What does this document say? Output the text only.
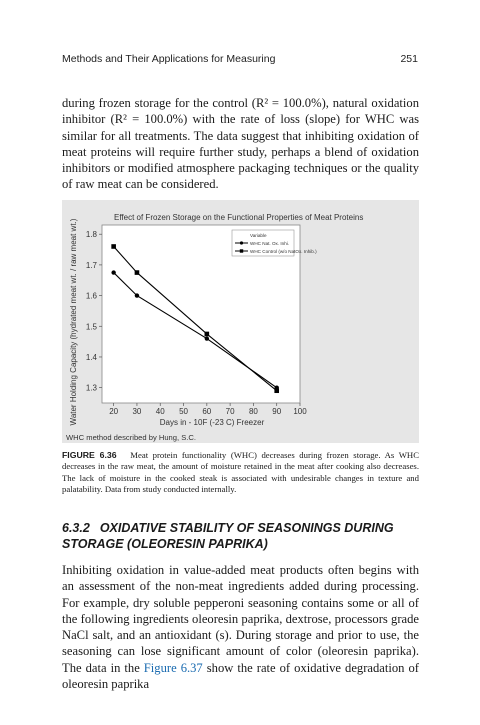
Methods and Their Applications for Measuring	251

during frozen storage for the control (R² = 100.0%), natural oxidation inhibitor (R² = 100.0%) with the rate of loss (slope) for WHC was similar for all treatments. The data suggest that inhibiting oxidation of meat proteins will require further study, perhaps a blend of oxidation inhibitors or modified atmosphere packaging techniques or the quality of raw meat can be considered.

Effect of Frozen Storage on the Functional Properties of Meat Proteins
Water Holding Capacity (hydrated meat wt. / raw meat wt.)	Days in - 10F (-23 C) Freezer
WHC method described by Hung, S.C.
20 30 40 50 60 70 80 90 100
1.3
1.4
1.5
1.6
1.7
1.8	Variable
WHC Nat. Ox. Inhi.
WHC Control (w/o NatOx. Inhib.)

FIGURE 6.36 Meat protein functionality (WHC) decreases during frozen storage. As WHC decreases in the raw meat, the amount of moisture retained in the meat after cooking also decreases. The lack of moisture in the cooked steak is associated with undesirable changes in texture and palatability. Data from study conducted internally.

6.3.2 OXIDATIVE STABILITY OF SEASONINGS DURING STORAGE (OLEORESIN PAPRIKA)

Inhibiting oxidation in value-added meat products often begins with an assessment of the non-meat ingredients added during processing. For example, dry soluble pepperoni seasoning contains some or all of the following ingredients oleoresin paprika, dextrose, processors grade NaCl salt, and an antioxidant (s). During storage and prior to use, the seasoning can lose significant amount of color (oleoresin paprika). The data in the Figure 6.37 show the rate of oxidative degradation of oleoresin paprika
